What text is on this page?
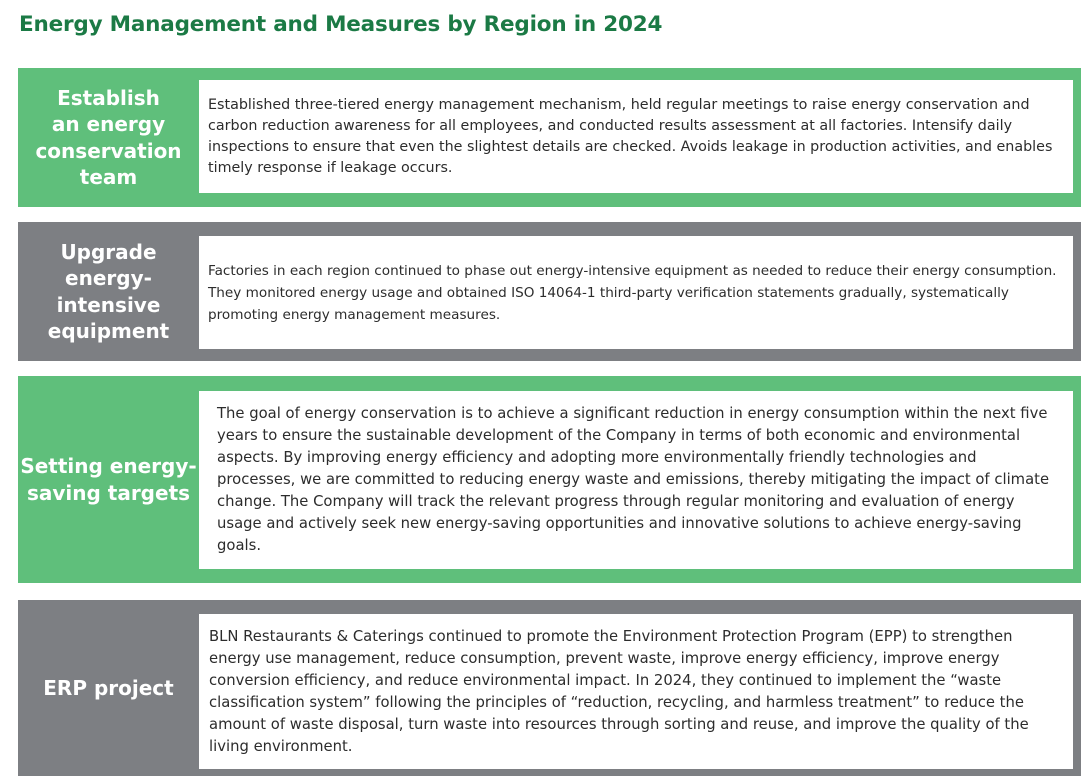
Energy Management and Measures by Region in 2024
Establish
an energy
conservation
team

Established three-tiered energy management mechanism, held regular meetings to raise energy conservation and carbon reduction awareness for all employees, and conducted results assessment at all factories. Intensify daily inspections to ensure that even the slightest details are checked. Avoids leakage in production activities, and enables timely response if leakage occurs.

Upgrade
energy-
intensive
equipment

Factories in each region continued to phase out energy-intensive equipment as needed to reduce their energy consumption. They monitored energy usage and obtained ISO 14064-1 third-party verification statements gradually, systematically promoting energy management measures.

Setting energy-
saving targets

The goal of energy conservation is to achieve a significant reduction in energy consumption within the next five years to ensure the sustainable development of the Company in terms of both economic and environmental aspects. By improving energy efficiency and adopting more environmentally friendly technologies and processes, we are committed to reducing energy waste and emissions, thereby mitigating the impact of climate change. The Company will track the relevant progress through regular monitoring and evaluation of energy usage and actively seek new energy-saving opportunities and innovative solutions to achieve energy-saving goals.

ERP project

BLN Restaurants & Caterings continued to promote the Environment Protection Program (EPP) to strengthen energy use management, reduce consumption, prevent waste, improve energy efficiency, improve energy conversion efficiency, and reduce environmental impact. In 2024, they continued to implement the “waste classification system” following the principles of “reduction, recycling, and harmless treatment” to reduce the amount of waste disposal, turn waste into resources through sorting and reuse, and improve the quality of the living environment.
